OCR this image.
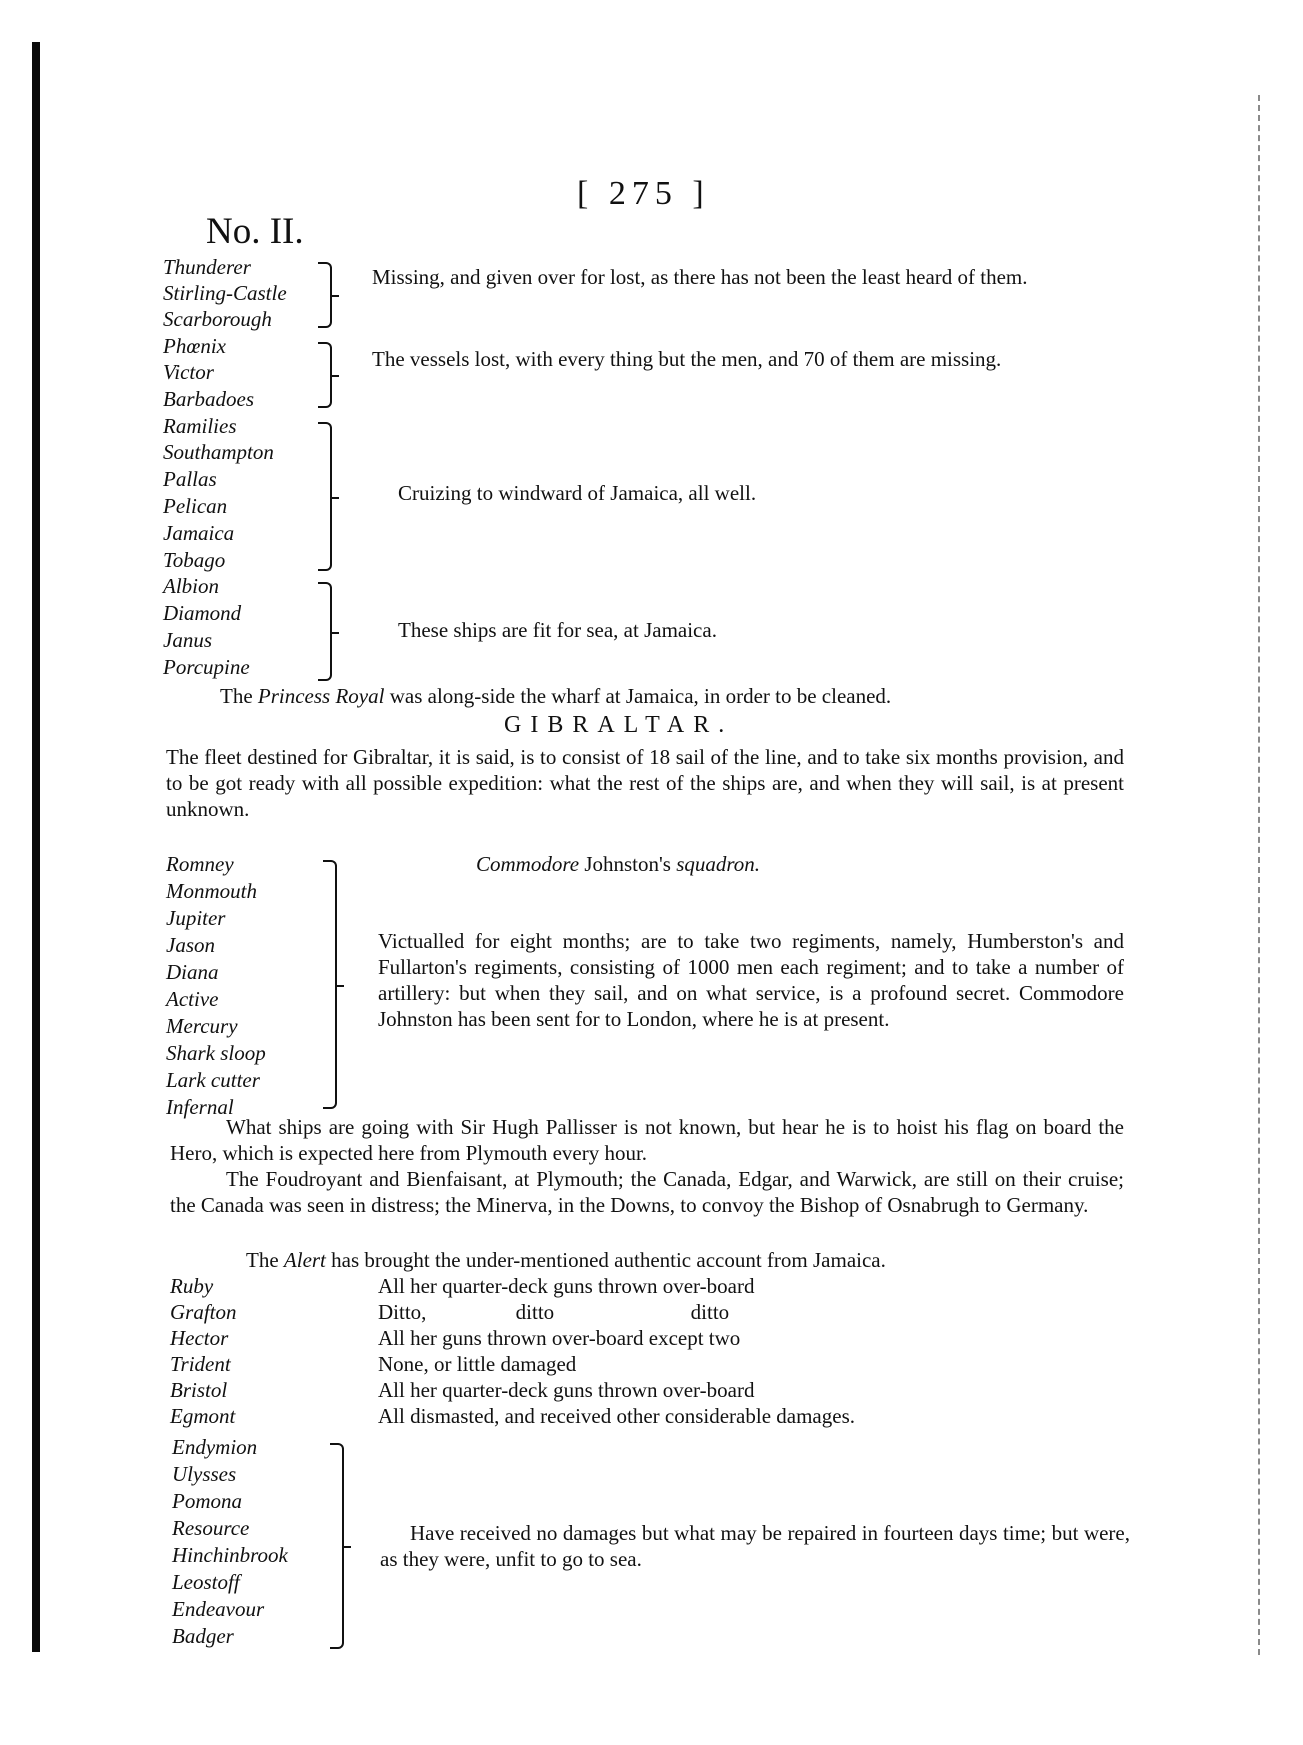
[ 275 ]
No. II.
Thunderer
Stirling-Castle
Scarborough
Missing, and given over for lost, as there has not been the least heard of them.
Phœnix
Victor
Barbadoes
The vessels lost, with every thing but the men, and 70 of them are missing.
Ramilies
Southampton
Pallas
Pelican
Jamaica
Tobago
Cruizing to windward of Jamaica, all well.
Albion
Diamond
Janus
Porcupine
These ships are fit for sea, at Jamaica.
The Princess Royal was along-side the wharf at Jamaica, in order to be cleaned.
GIBRALTAR.
The fleet destined for Gibraltar, it is said, is to consist of 18 sail of the line, and to take six months provision, and to be got ready with all possible expedition: what the rest of the ships are, and when they will sail, is at present unknown.
Commodore Johnston's squadron.
Romney
Monmouth
Jupiter
Jason
Diana
Active
Mercury
Shark sloop
Lark cutter
Infernal
Victualled for eight months; are to take two regiments, namely, Humberston's and Fullarton's regiments, consisting of 1000 men each regiment; and to take a number of artillery: but when they sail, and on what service, is a profound secret. Commodore Johnston has been sent for to London, where he is at present.
What ships are going with Sir Hugh Pallisser is not known, but hear he is to hoist his flag on board the Hero, which is expected here from Plymouth every hour.
The Foudroyant and Bienfaisant, at Plymouth; the Canada, Edgar, and Warwick, are still on their cruise; the Canada was seen in distress; the Minerva, in the Downs, to convoy the Bishop of Osnabrugh to Germany.
The Alert has brought the under-mentioned authentic account from Jamaica.
Ruby	All her quarter-deck guns thrown over-board
Grafton	Ditto,                 ditto                          ditto
Hector	All her guns thrown over-board except two
Trident	None, or little damaged
Bristol	All her quarter-deck guns thrown over-board
Egmont	All dismasted, and received other considerable damages.
Endymion
Ulysses
Pomona
Resource
Hinchinbrook
Leostoff
Endeavour
Badger
Have received no damages but what may be repaired in fourteen days time; but were, as they were, unfit to go to sea.
